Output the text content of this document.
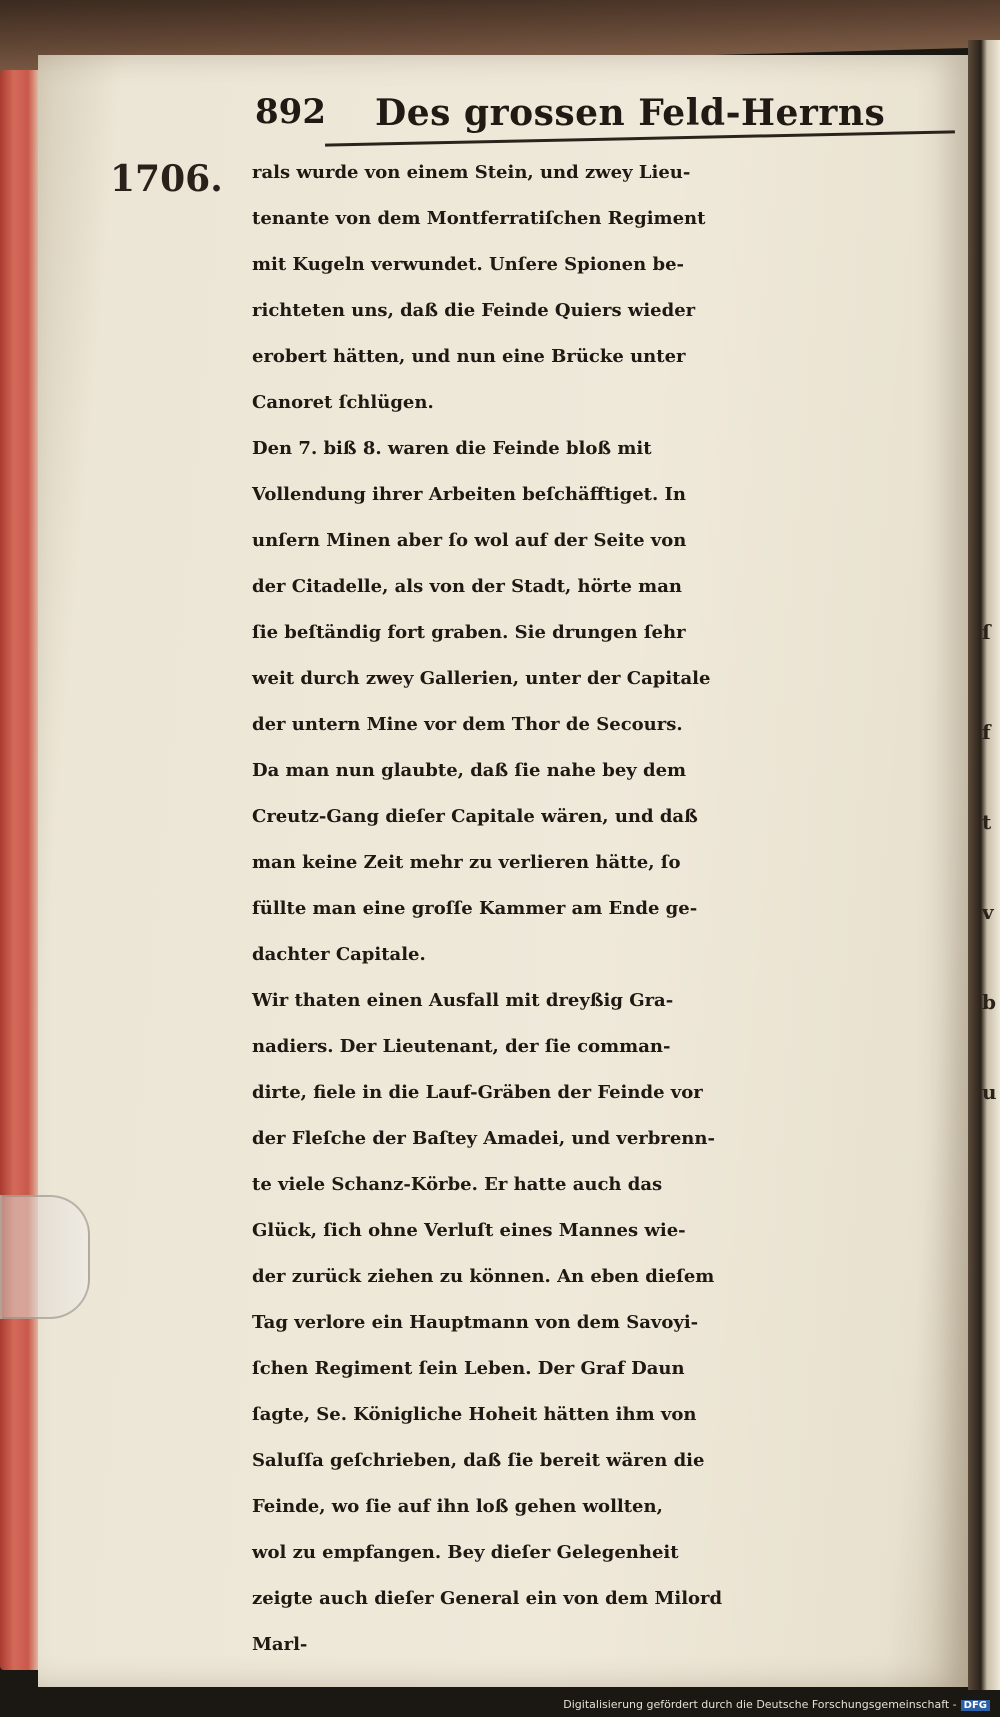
ſ
f
t
v
b
u
892 Des grossen Feld-Herrns
1706. rals wurde von einem Stein, und zwey Lieu-
tenante von dem Montferratiſchen Regiment
mit Kugeln verwundet. Unſere Spionen be-
richteten uns, daß die Feinde Quiers wieder
erobert hätten, und nun eine Brücke unter
Canoret ſchlügen.
Den 7. biß 8. waren die Feinde bloß mit
Vollendung ihrer Arbeiten beſchäfftiget. In
unſern Minen aber ſo wol auf der Seite von
der Citadelle, als von der Stadt, hörte man
ſie beſtändig fort graben. Sie drungen ſehr
weit durch zwey Gallerien, unter der Capitale
der untern Mine vor dem Thor de Secours.
Da man nun glaubte, daß ſie nahe bey dem
Creutz-Gang dieſer Capitale wären, und daß
man keine Zeit mehr zu verlieren hätte, ſo
füllte man eine groſſe Kammer am Ende ge-
dachter Capitale.
Wir thaten einen Ausfall mit dreyßig Gra-
nadiers. Der Lieutenant, der ſie comman-
dirte, fiele in die Lauf-Gräben der Feinde vor
der Fleſche der Baſtey Amadei, und verbrenn-
te viele Schanz-Körbe. Er hatte auch das
Glück, ſich ohne Verluſt eines Mannes wie-
der zurück ziehen zu können. An eben dieſem
Tag verlore ein Hauptmann von dem Savoyi-
ſchen Regiment ſein Leben. Der Graf Daun
ſagte, Se. Königliche Hoheit hätten ihm von
Saluſſa geſchrieben, daß ſie bereit wären die
Feinde, wo ſie auf ihn loß gehen wollten,
wol zu empfangen. Bey dieſer Gelegenheit
zeigte auch dieſer General ein von dem Milord
Marl-
Digitalisierung gefördert durch die Deutsche Forschungsgemeinschaft - DFG
